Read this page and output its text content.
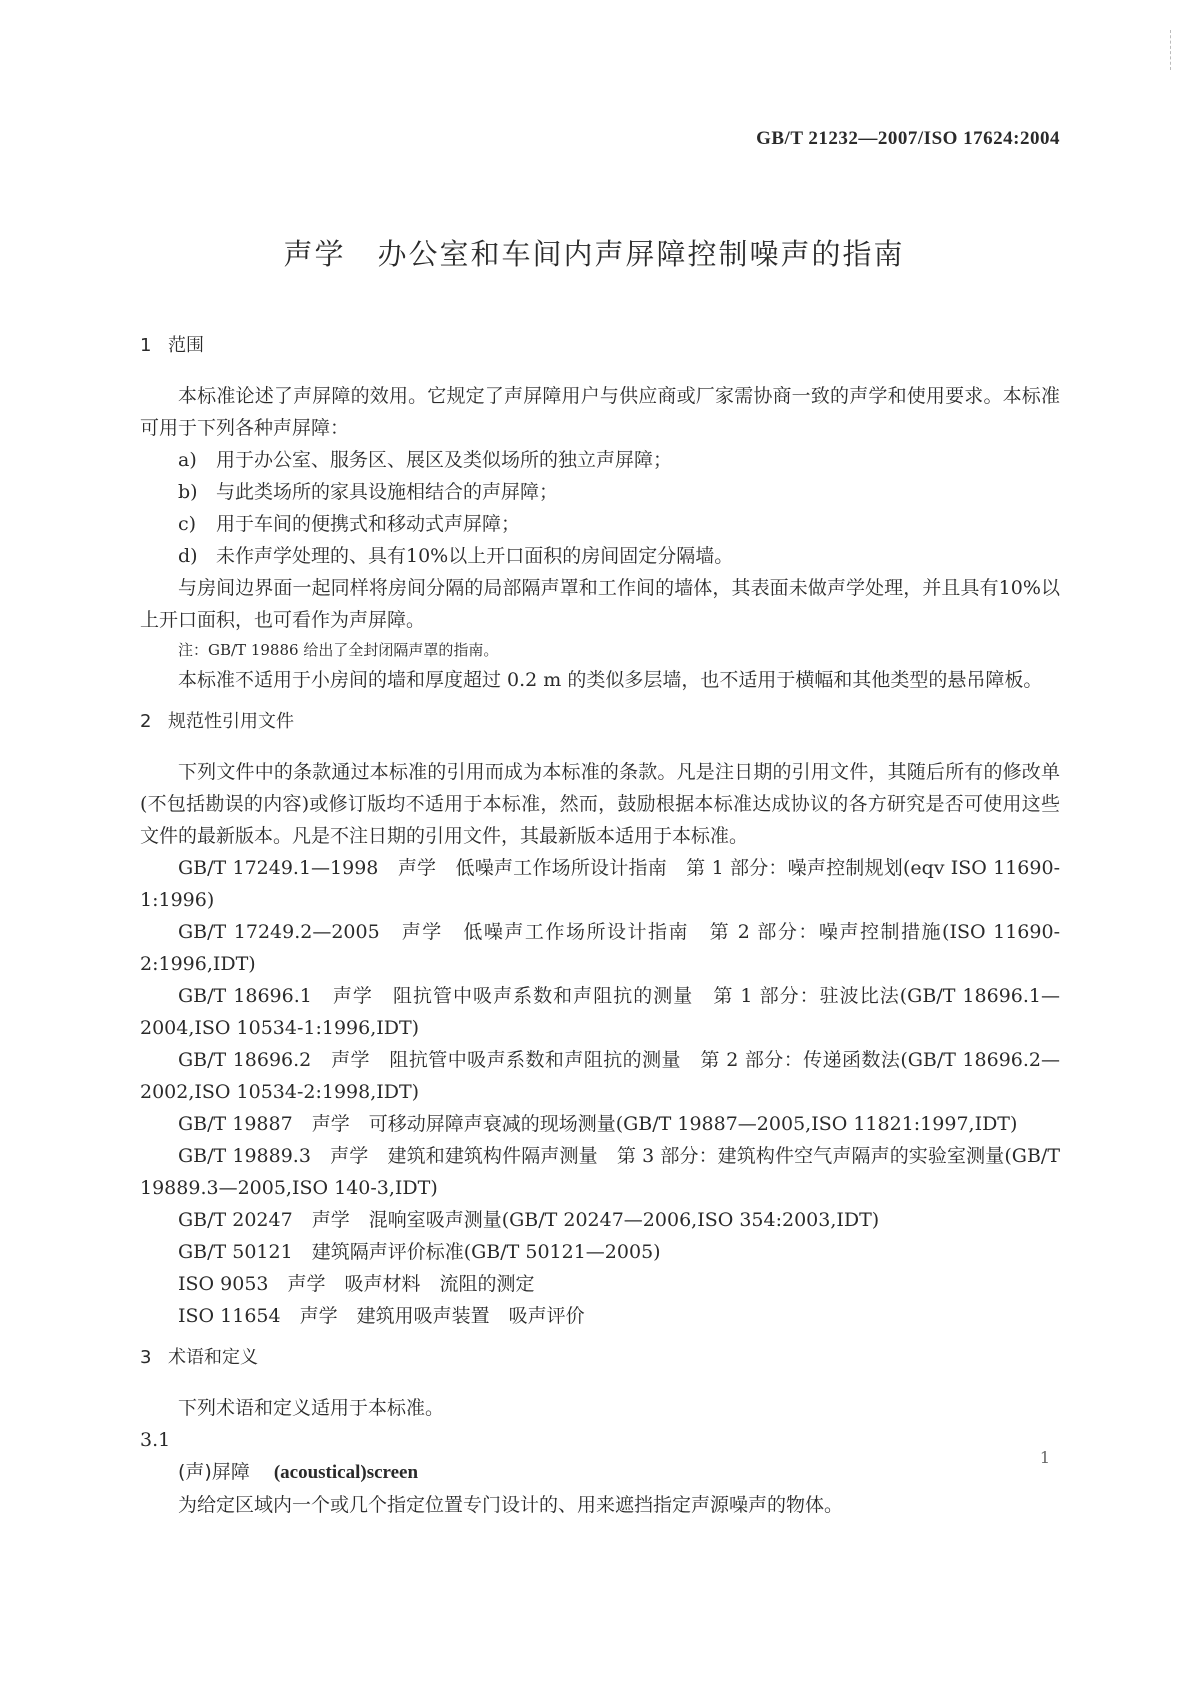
GB/T 21232—2007/ISO 17624:2004
声学 办公室和车间内声屏障控制噪声的指南

1 范围

本标准论述了声屏障的效用。它规定了声屏障用户与供应商或厂家需协商一致的声学和使用要求。本标准可用于下列各种声屏障：

a) 用于办公室、服务区、展区及类似场所的独立声屏障；

b) 与此类场所的家具设施相结合的声屏障；

c) 用于车间的便携式和移动式声屏障；

d) 未作声学处理的、具有10%以上开口面积的房间固定分隔墙。

与房间边界面一起同样将房间分隔的局部隔声罩和工作间的墙体，其表面未做声学处理，并且具有10%以上开口面积，也可看作为声屏障。

注：GB/T 19886 给出了全封闭隔声罩的指南。

本标准不适用于小房间的墙和厚度超过 0.2 m 的类似多层墙，也不适用于横幅和其他类型的悬吊障板。

2 规范性引用文件

下列文件中的条款通过本标准的引用而成为本标准的条款。凡是注日期的引用文件，其随后所有的修改单(不包括勘误的内容)或修订版均不适用于本标准，然而，鼓励根据本标准达成协议的各方研究是否可使用这些文件的最新版本。凡是不注日期的引用文件，其最新版本适用于本标准。

GB/T 17249.1—1998　声学　低噪声工作场所设计指南　第 1 部分：噪声控制规划(eqv ISO 11690-1:1996)

GB/T 17249.2—2005　声学　低噪声工作场所设计指南　第 2 部分：噪声控制措施(ISO 11690-2:1996,IDT)

GB/T 18696.1　声学　阻抗管中吸声系数和声阻抗的测量　第 1 部分：驻波比法(GB/T 18696.1—2004,ISO 10534-1:1996,IDT)

GB/T 18696.2　声学　阻抗管中吸声系数和声阻抗的测量　第 2 部分：传递函数法(GB/T 18696.2—2002,ISO 10534-2:1998,IDT)

GB/T 19887　声学　可移动屏障声衰减的现场测量(GB/T 19887—2005,ISO 11821:1997,IDT)

GB/T 19889.3　声学　建筑和建筑构件隔声测量　第 3 部分：建筑构件空气声隔声的实验室测量(GB/T 19889.3—2005,ISO 140-3,IDT)

GB/T 20247　声学　混响室吸声测量(GB/T 20247—2006,ISO 354:2003,IDT)

GB/T 50121　建筑隔声评价标准(GB/T 50121—2005)

ISO 9053　声学　吸声材料　流阻的测定

ISO 11654　声学　建筑用吸声装置　吸声评价

3 术语和定义

下列术语和定义适用于本标准。

3.1

(声)屏障 (acoustical)screen

为给定区域内一个或几个指定位置专门设计的、用来遮挡指定声源噪声的物体。

1
